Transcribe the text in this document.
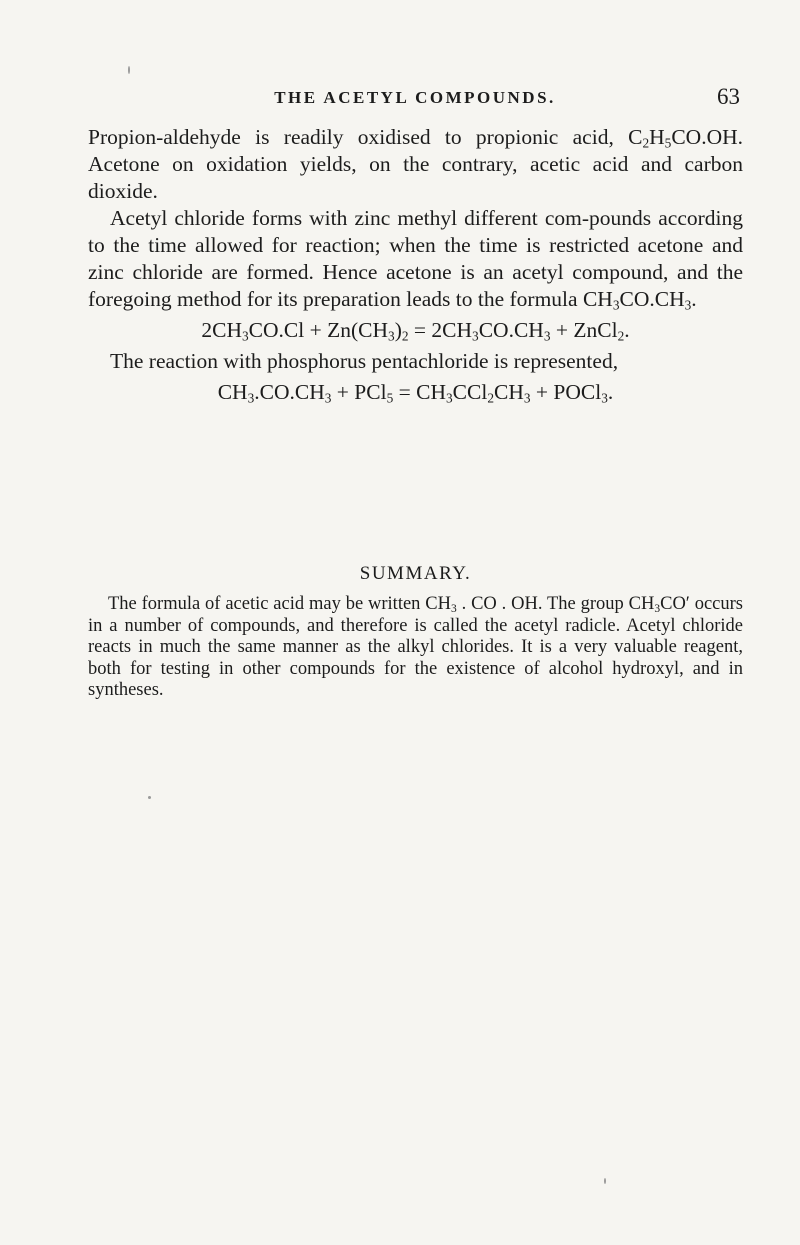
THE ACETYL COMPOUNDS.	63

Propion-aldehyde is readily oxidised to propionic acid, $C_2H_5CO.OH$. Acetone on oxidation yields, on the contrary, acetic acid and carbon dioxide.

Acetyl chloride forms with zinc methyl different com-pounds according to the time allowed for reaction; when the time is restricted acetone and zinc chloride are formed. Hence acetone is an acetyl compound, and the foregoing method for its preparation leads to the formula $CH_3CO.CH_3$.

$2CH_3CO.Cl + Zn(CH_3)_2 = 2CH_3CO.CH_3$ + ZnCl$_2$.

The reaction with phosphorus pentachloride is represented,

$CH_3.CO.CH_3 + PCl_5 = CH_3CCl_2CH_3$ + POCl$_3$.
SUMMARY.

The formula of acetic acid may be written $CH_3$ . CO . OH. The group $CH_3CO'$ occurs in a number of compounds, and therefore is called the acetyl radicle. Acetyl chloride reacts in much the same manner as the alkyl chlorides. It is a very valuable reagent, both for testing in other compounds for the existence of alcohol hydroxyl, and in syntheses.
